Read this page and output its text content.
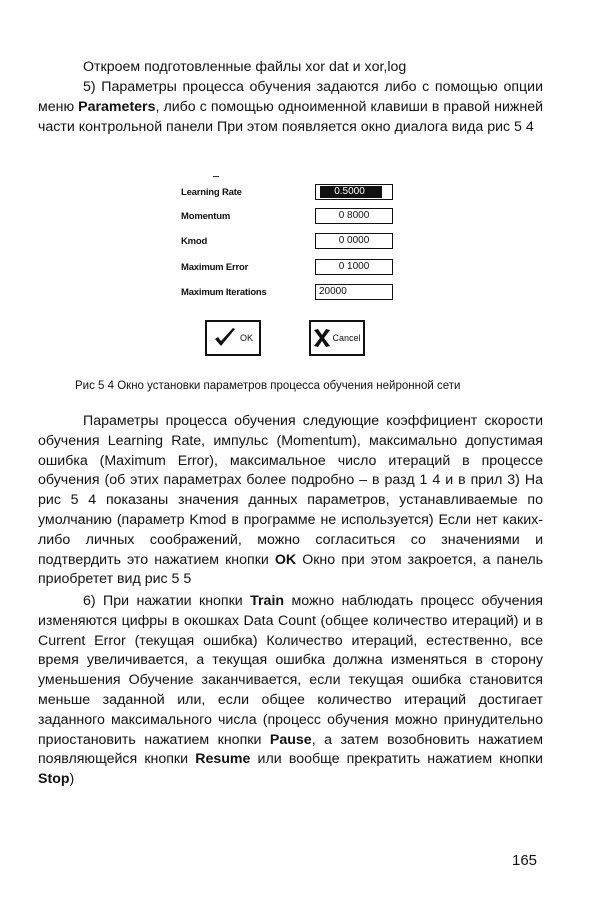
Откроем подготовленные файлы xor dat и xor,log

5) Параметры процесса обучения задаются либо с помощью опции меню Parameters, либо с помощью одноименной клавиши в правой нижней части контрольной панели При этом появляется окно диалога вида рис 5 4

Learning Rate	0.5000
Momentum	0 8000
Kmod	0 0000
Maximum Error	0 1000
Maximum Iterations	20000
OK	Cancel
Рис 5 4 Окно установки параметров процесса обучения нейронной сети

Параметры процесса обучения следующие коэффициент скорости обучения Learning Rate, импульс (Momentum), максимально допустимая ошибка (Maximum Error), максимальное число итераций в процессе обучения (об этих параметрах более подробно – в разд 1 4 и в прил 3) На рис 5 4 показаны значения данных параметров, устанавливаемые по умолчанию (параметр Kmod в программе не используется) Если нет каких-либо личных соображений, можно согласиться со значениями и подтвердить это нажатием кнопки OK Окно при этом закроется, а панель приобретет вид рис 5 5

6) При нажатии кнопки Train можно наблюдать процесс обучения изменяются цифры в окошках Data Count (общее количество итераций) и в Current Error (текущая ошибка) Количество итераций, естественно, все время увеличивается, а текущая ошибка должна изменяться в сторону уменьшения Обучение заканчивается, если текущая ошибка становится меньше заданной или, если общее количество итераций достигает заданного максимального числа (процесс обучения можно принудительно приостановить нажатием кнопки Pause, а затем возобновить нажатием появляющейся кнопки Resume или вообще прекратить нажатием кнопки Stop)

165
